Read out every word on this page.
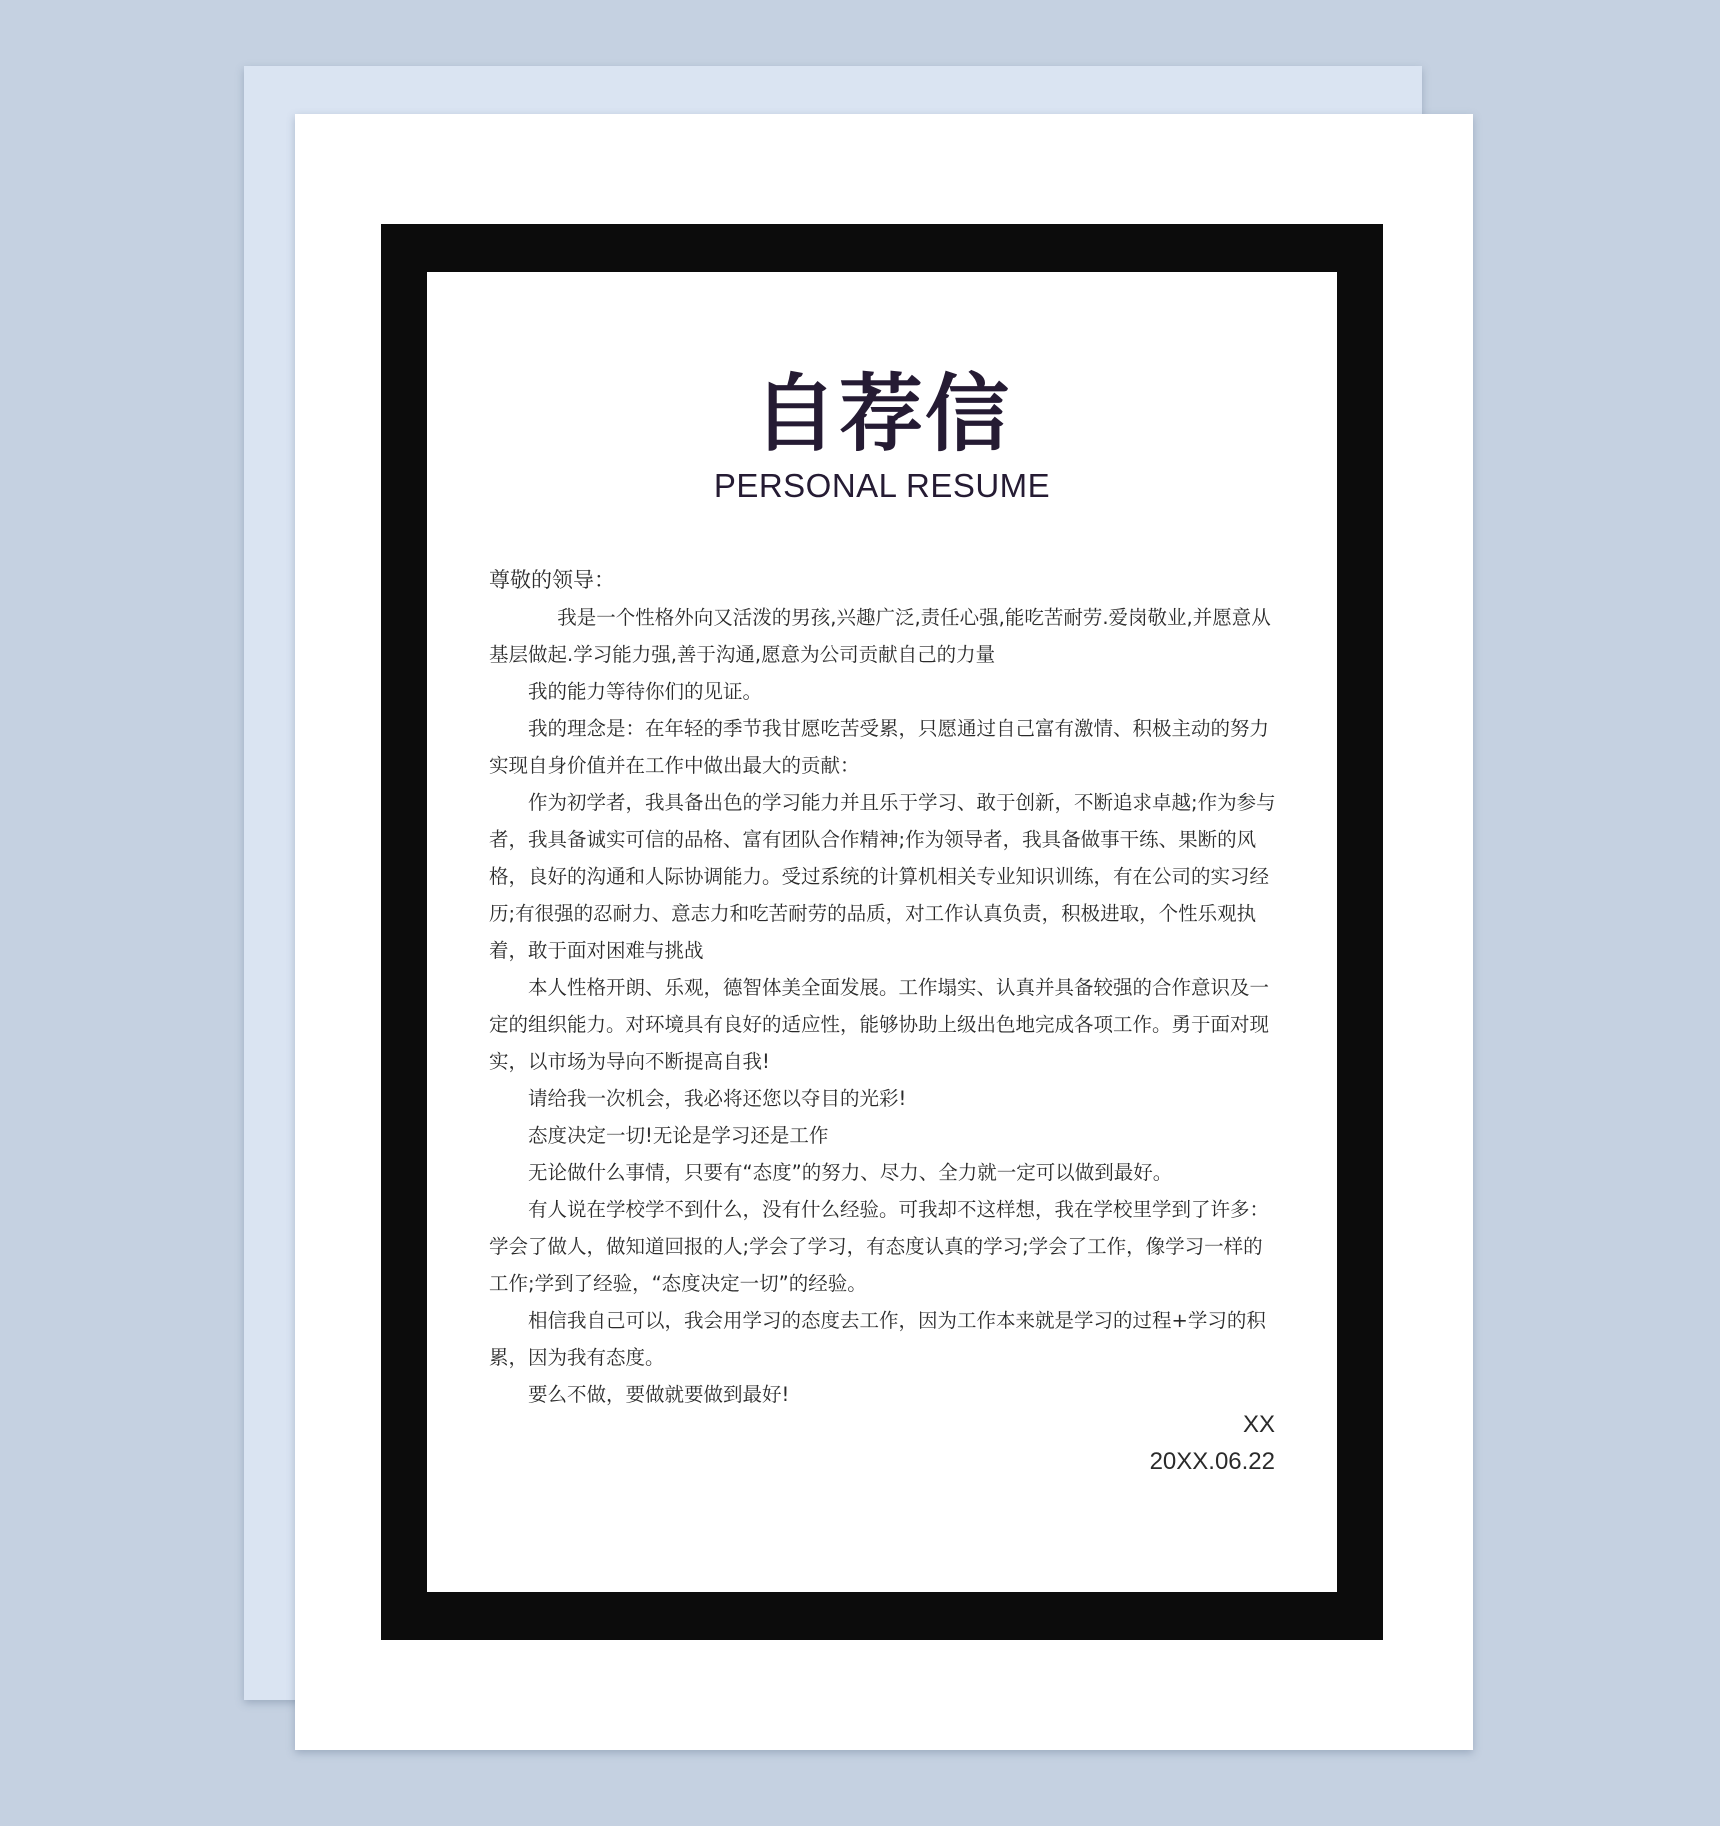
自荐信
PERSONAL RESUME

尊敬的领导：

我是一个性格外向又活泼的男孩,兴趣广泛,责任心强,能吃苦耐劳.爱岗敬业,并愿意从基层做起.学习能力强,善于沟通,愿意为公司贡献自己的力量

我的能力等待你们的见证。

我的理念是：在年轻的季节我甘愿吃苦受累，只愿通过自己富有激情、积极主动的努力实现自身价值并在工作中做出最大的贡献：

作为初学者，我具备出色的学习能力并且乐于学习、敢于创新，不断追求卓越;作为参与者，我具备诚实可信的品格、富有团队合作精神;作为领导者，我具备做事干练、果断的风格，良好的沟通和人际协调能力。受过系统的计算机相关专业知识训练，有在公司的实习经历;有很强的忍耐力、意志力和吃苦耐劳的品质，对工作认真负责，积极进取，个性乐观执着，敢于面对困难与挑战

本人性格开朗、乐观，德智体美全面发展。工作塌实、认真并具备较强的合作意识及一定的组织能力。对环境具有良好的适应性，能够协助上级出色地完成各项工作。勇于面对现实，以市场为导向不断提高自我!

请给我一次机会，我必将还您以夺目的光彩!

态度决定一切!无论是学习还是工作

无论做什么事情，只要有“态度”的努力、尽力、全力就一定可以做到最好。

有人说在学校学不到什么，没有什么经验。可我却不这样想，我在学校里学到了许多：学会了做人，做知道回报的人;学会了学习，有态度认真的学习;学会了工作，像学习一样的工作;学到了经验，“态度决定一切”的经验。

相信我自己可以，我会用学习的态度去工作，因为工作本来就是学习的过程+学习的积累，因为我有态度。

要么不做，要做就要做到最好!

XX
20XX.06.22
